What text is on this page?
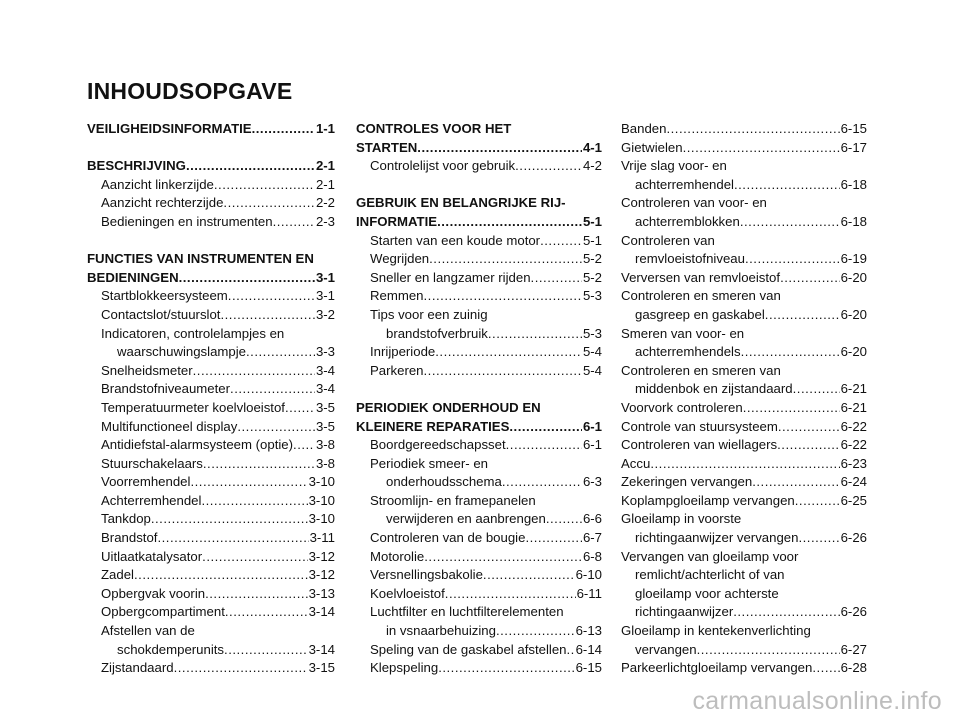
INHOUDSOPGAVE
VEILIGHEIDSINFORMATIE .....	1-1
BESCHRIJVING .....	2-1
Aanzicht linkerzijde .....	2-1
Aanzicht rechterzijde .....	2-2
Bedieningen en instrumenten .....	2-3
FUNCTIES VAN INSTRUMENTEN EN
BEDIENINGEN .....	3-1
Startblokkeersysteem .....	3-1
Contactslot/stuurslot .....	3-2
Indicatoren, controlelampjes en
waarschuwingslampje .....	3-3
Snelheidsmeter .....	3-4
Brandstofniveaumeter .....	3-4
Temperatuurmeter koelvloeistof ..... 3-5
Multifunctioneel display .....	3-5
Antidiefstal-alarmsysteem (optie) ..... 3-8
Stuurschakelaars .....	3-8
Voorremhendel .....	3-10
Achterremhendel .....	3-10
Tankdop .....	3-10
Brandstof .....	3-11
Uitlaatkatalysator .....	3-12
Zadel .....	3-12
Opbergvak voorin .....	3-13
Opbergcompartiment .....	3-14
Afstellen van de
schokdemperunits .....	3-14
Zijstandaard .....	3-15
CONTROLES VOOR HET
STARTEN .....	4-1
Controlelijst voor gebruik .....	4-2
GEBRUIK EN BELANGRIJKE RIJ-
INFORMATIE .....	5-1
Starten van een koude motor .....	5-1
Wegrijden .....	5-2
Sneller en langzamer rijden .....	5-2
Remmen .....	5-3
Tips voor een zuinig
brandstofverbruik .....	5-3
Inrijperiode .....	5-4
Parkeren .....	5-4
PERIODIEK ONDERHOUD EN
KLEINERE REPARATIES .....	6-1
Boordgereedschapsset .....	6-1
Periodiek smeer- en
onderhoudsschema .....	6-3
Stroomlijn- en framepanelen
verwijderen en aanbrengen .....	6-6
Controleren van de bougie .....	6-7
Motorolie .....	6-8
Versnellingsbakolie .....	6-10
Koelvloeistof .....	6-11
Luchtfilter en luchtfilterelementen
in vsnaarbehuizing .....	6-13
Speling van de gaskabel afstellen ..... 6-14
Klepspeling .....	6-15
Banden .....	6-15
Gietwielen .....	6-17
Vrije slag voor- en
achterremhendel .....	6-18
Controleren van voor- en
achterremblokken .....	6-18
Controleren van
remvloeistofniveau .....	6-19
Verversen van remvloeistof .....	6-20
Controleren en smeren van
gasgreep en gaskabel .....	6-20
Smeren van voor- en
achterremhendels .....	6-20
Controleren en smeren van
middenbok en zijstandaard .....	6-21
Voorvork controleren .....	6-21
Controle van stuursysteem .....	6-22
Controleren van wiellagers .....	6-22
Accu .....	6-23
Zekeringen vervangen .....	6-24
Koplampgloeilamp vervangen .....	6-25
Gloeilamp in voorste
richtingaanwijzer vervangen .....	6-26
Vervangen van gloeilamp voor
remlicht/achterlicht of van
gloeilamp voor achterste
richtingaanwijzer .....	6-26
Gloeilamp in kentekenverlichting
vervangen .....	6-27
Parkeerlichtgloeilamp vervangen ..... 6-28
carmanualsonline.info
